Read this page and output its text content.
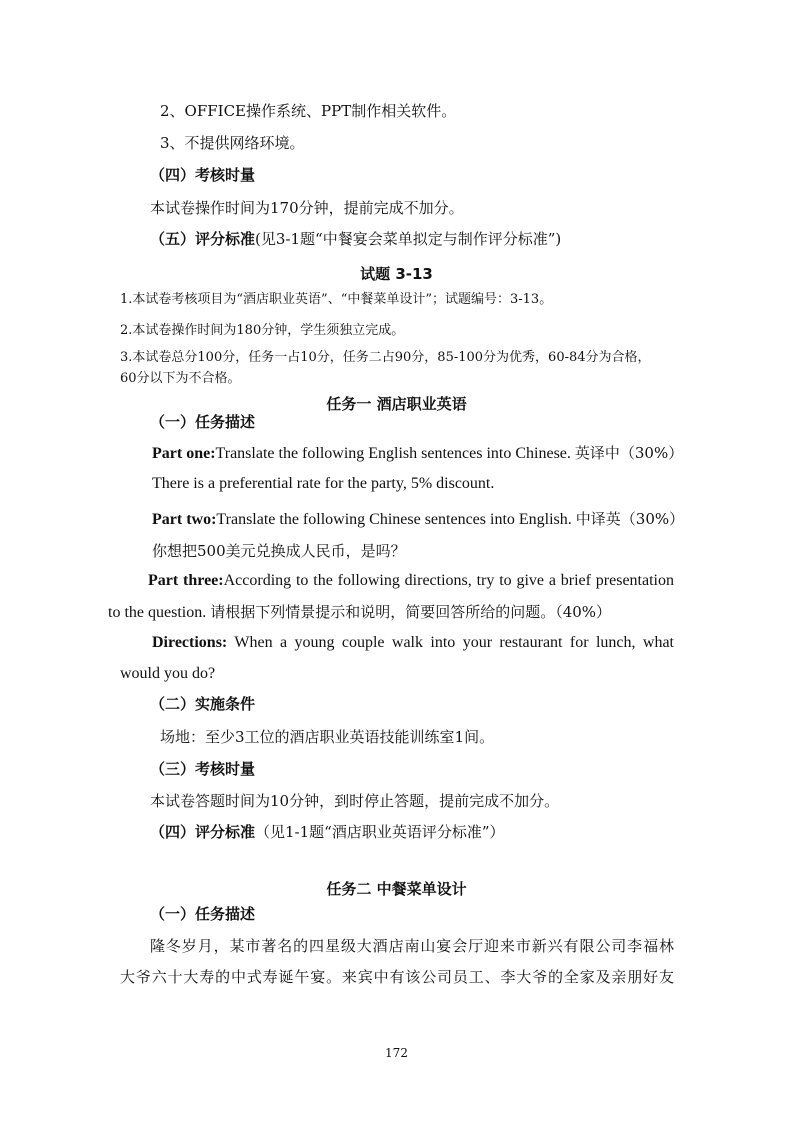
2、OFFICE操作系统、PPT制作相关软件。
3、不提供网络环境。
（四）考核时量
本试卷操作时间为170分钟，提前完成不加分。
（五）评分标准(见3-1题“中餐宴会菜单拟定与制作评分标准”)
试题 3-13
1.本试卷考核项目为“酒店职业英语”、“中餐菜单设计”；试题编号：3-13。
2.本试卷操作时间为180分钟，学生须独立完成。
3.本试卷总分100分，任务一占10分，任务二占90分，85-100分为优秀，60-84分为合格，
60分以下为不合格。
任务一 酒店职业英语
（一）任务描述
Part one:Translate the following English sentences into Chinese. 英译中（30%）
There is a preferential rate for the party, 5% discount.
Part two:Translate the following Chinese sentences into English. 中译英（30%）
你想把500美元兑换成人民币，是吗？
Part three:According to the following directions, try to give a brief presentation
to the question. 请根据下列情景提示和说明，简要回答所给的问题。（40%）
Directions: When a young couple walk into your restaurant for lunch, what
would you do?
（二）实施条件
场地：至少3工位的酒店职业英语技能训练室1间。
（三）考核时量
本试卷答题时间为10分钟，到时停止答题，提前完成不加分。
（四）评分标准（见1-1题“酒店职业英语评分标准”）
任务二 中餐菜单设计
（一）任务描述
隆冬岁月，某市著名的四星级大酒店南山宴会厅迎来市新兴有限公司李福林
大爷六十大寿的中式寿诞午宴。来宾中有该公司员工、李大爷的全家及亲朋好友
172
